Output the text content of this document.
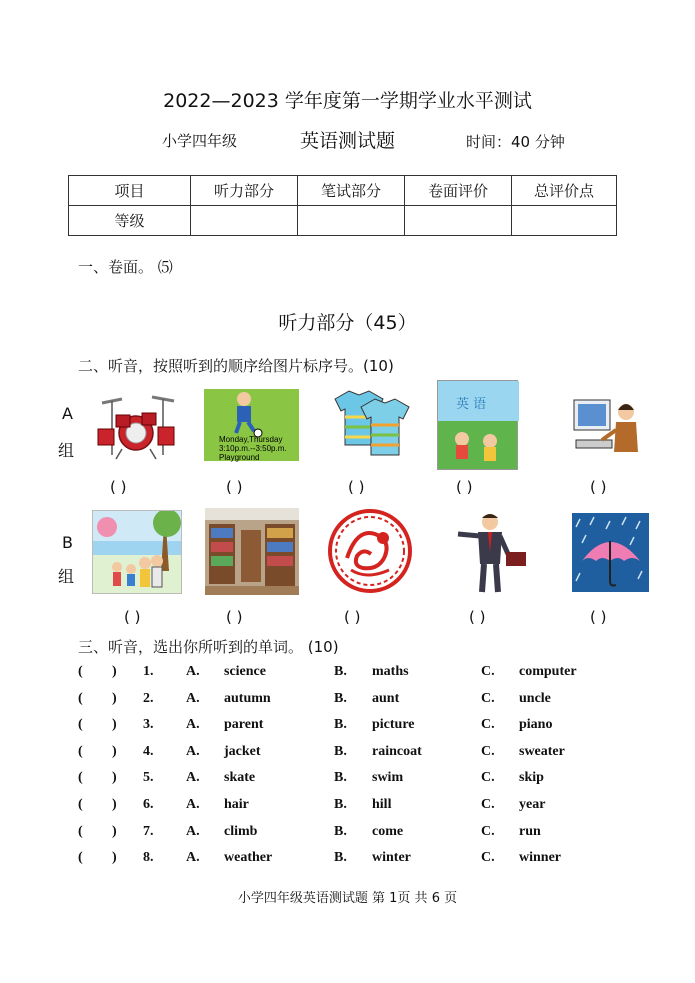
2022—2023 学年度第一学期学业水平测试
小学四年级	英语测试题	时间：40 分钟
项目	听力部分	笔试部分	卷面评价	总评价点
等级				
一、卷面。 ⑸
听力部分（45）
二、听音，按照听到的顺序给图片标序号。(10)
A
组
Monday,Thursday
3:10p.m.--3:50p.m.
Playground
英 语
( )	( )	( )	( )	( )
B
组
( )	( )	( )	( )	( )
三、听音，选出你所听到的单词。 (10)
( ) 1. A. science	B. maths	C. computer
( ) 2. A. autumn	B. aunt	C. uncle
( ) 3. A. parent	B. picture	C. piano
( ) 4. A. jacket	B. raincoat	C. sweater
( ) 5. A. skate	B. swim	C. skip
( ) 6. A. hair	B. hill	C. year
( ) 7. A. climb	B. come	C. run
( ) 8. A. weather	B. winter	C. winner
小学四年级英语测试题 第 1页 共 6 页
